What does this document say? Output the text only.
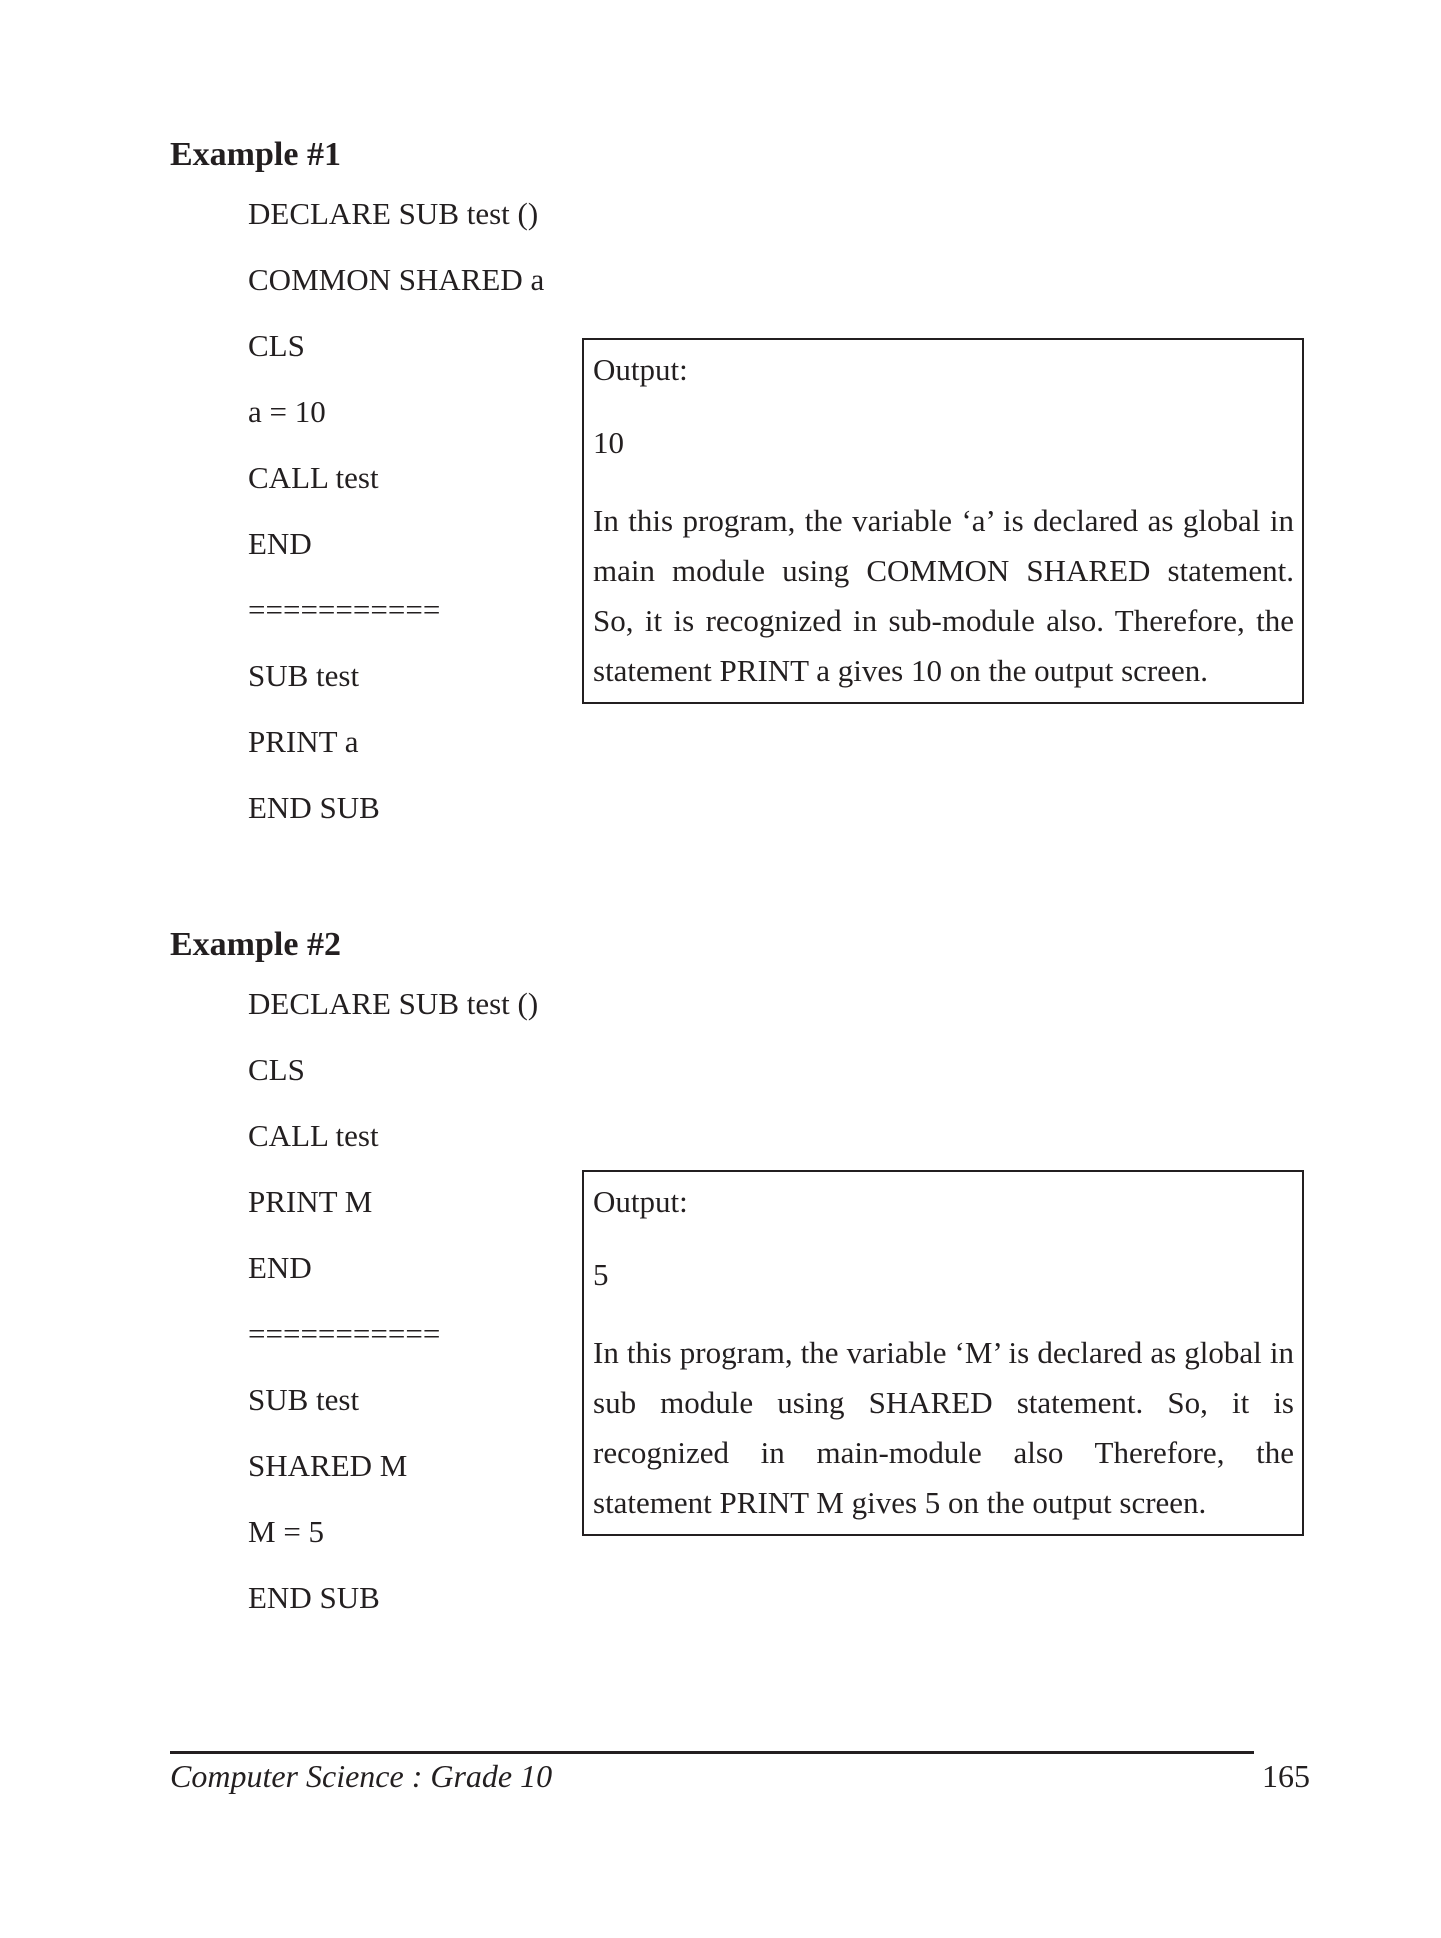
Example #1
DECLARE SUB test ()
COMMON SHARED a
CLS
a = 10
CALL test
END
===========
SUB test
PRINT a
END SUB
Output:
10

In this program, the variable ‘a’ is declared as global in main module using COMMON SHARED statement. So, it is recognized in sub-module also. Therefore, the statement PRINT a gives 10 on the output screen.

Example #2
DECLARE SUB test ()
CLS
CALL test
PRINT M
END
===========
SUB test
SHARED M
M = 5
END SUB
Output:
5

In this program, the variable ‘M’ is declared as global in sub module using SHARED statement. So, it is recognized in main-module also Therefore, the statement PRINT M gives 5 on the output screen.

Computer Science : Grade 10	165
